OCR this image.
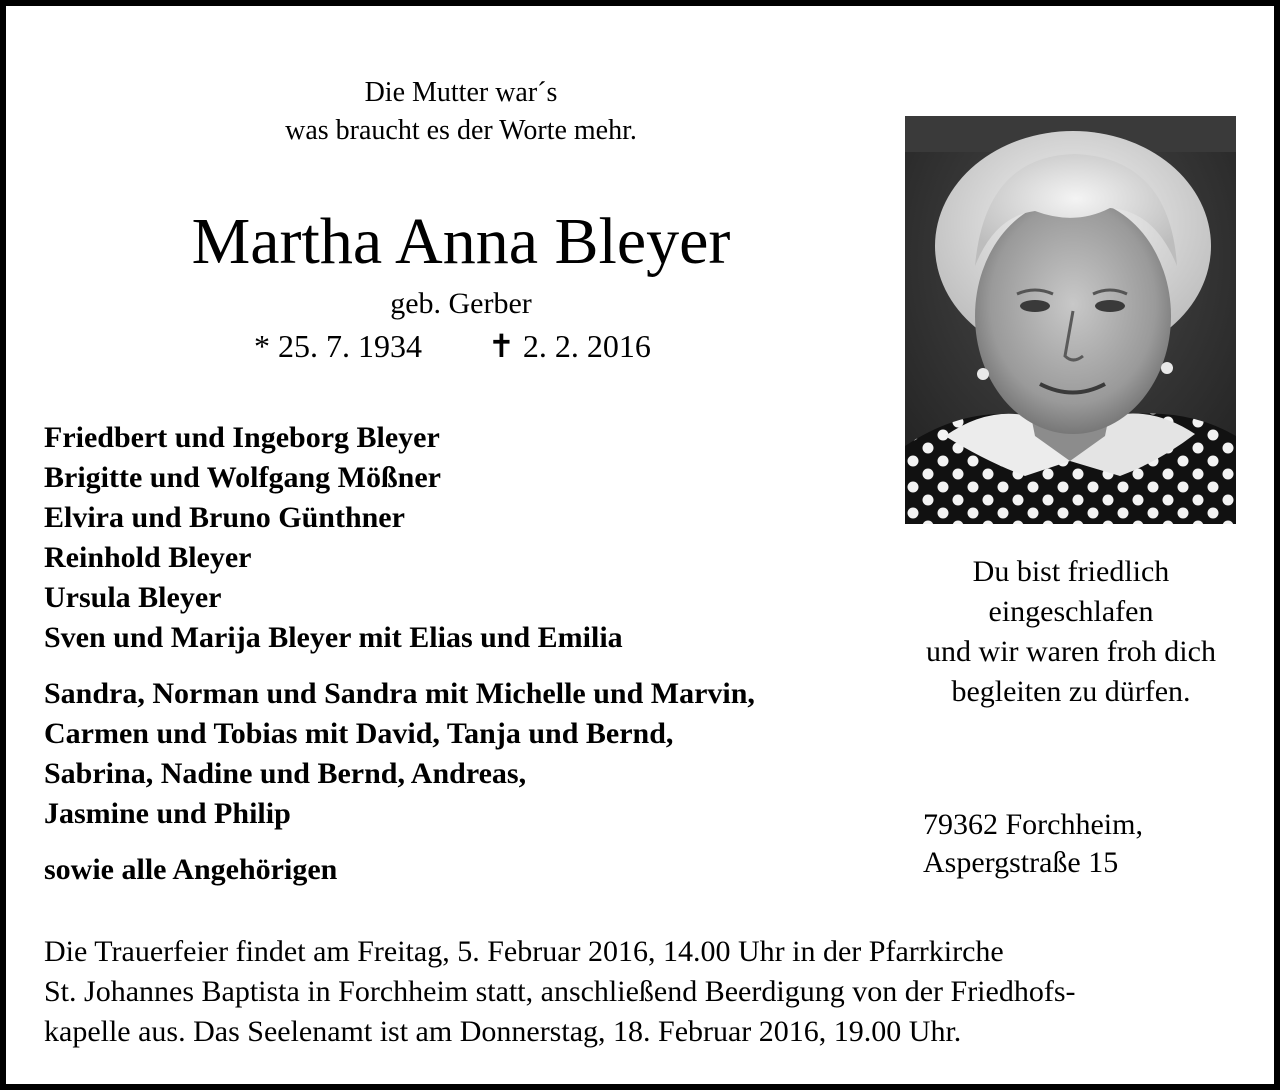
Die Mutter war´s
was braucht es der Worte mehr.
Martha Anna Bleyer
geb. Gerber
* 25. 7. 1934 ✝ 2. 2. 2016
Friedbert und Ingeborg Bleyer
Brigitte und Wolfgang Mößner
Elvira und Bruno Günthner
Reinhold Bleyer
Ursula Bleyer
Sven und Marija Bleyer mit Elias und Emilia
Sandra, Norman und Sandra mit Michelle und Marvin,
Carmen und Tobias mit David, Tanja und Bernd,
Sabrina, Nadine und Bernd, Andreas,
Jasmine und Philip
sowie alle Angehörigen
Du bist friedlich
eingeschlafen
und wir waren froh dich
begleiten zu dürfen.
79362 Forchheim,
Aspergstraße 15
Die Trauerfeier findet am Freitag, 5. Februar 2016, 14.00 Uhr in der Pfarrkirche
St. Johannes Baptista in Forchheim statt, anschließend Beerdigung von der Friedhofs-
kapelle aus. Das Seelenamt ist am Donnerstag, 18. Februar 2016, 19.00 Uhr.
